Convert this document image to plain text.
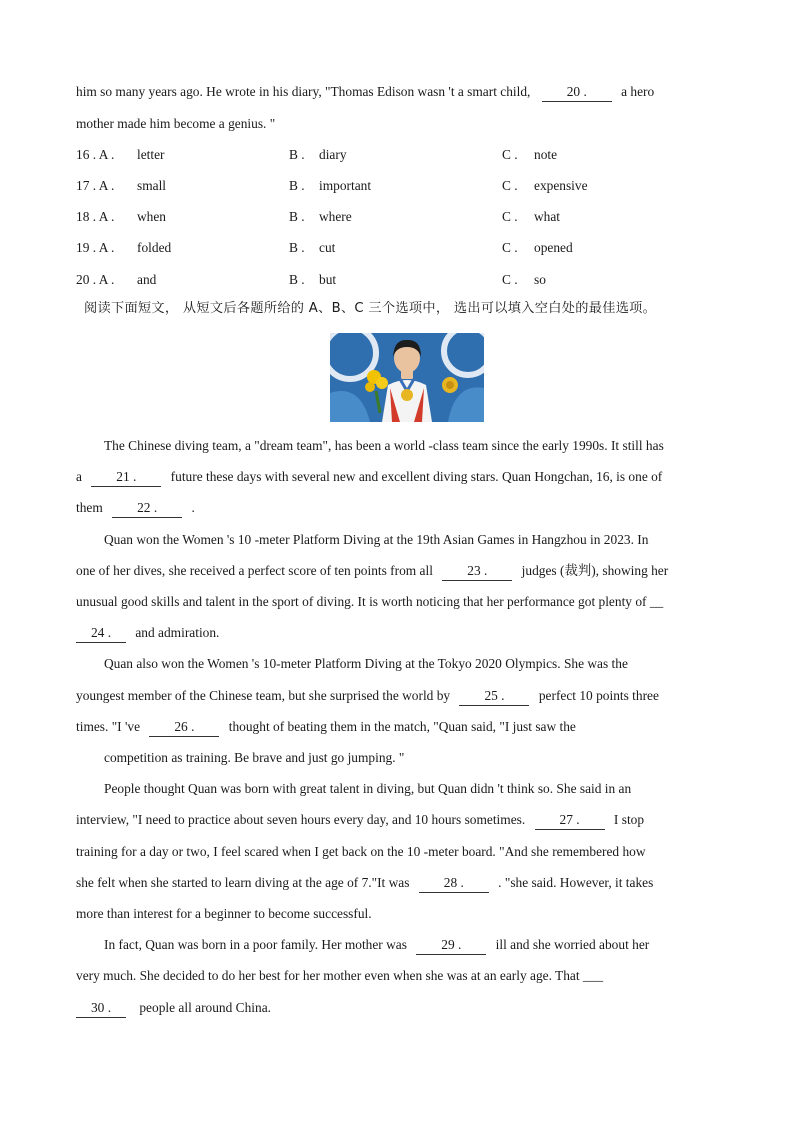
him so many years ago. He wrote in his diary, "Thomas Edison wasn 't a smart child,	20 .	a hero
mother made him become a genius. "
16 . A . letter	B . diary	C . note
17 . A . small	B . important	C . expensive
18 . A . when	B . where	C . what
19 . A . folded	B . cut	C . opened
20 . A . and	B . but	C . so
阅读下面短文， 从短文后各题所给的 A、B、C 三个选项中， 选出可以填入空白处的最佳选项。
The Chinese diving team, a "dream team", has been a world -class team since the early 1990s. It still has
a	21 .	future these days with several new and excellent diving stars. Quan Hongchan, 16, is one of
them	22 .	.
Quan won the Women 's 10 -meter Platform Diving at the 19th Asian Games in Hangzhou in 2023. In
one of her dives, she received a perfect score of ten points from all	23 .	judges (裁判), showing her
unusual good skills and talent in the sport of diving. It is worth noticing that her performance got plenty of __
24 . and admiration.
Quan also won the Women 's 10-meter Platform Diving at the Tokyo 2020 Olympics. She was the
youngest member of the Chinese team, but she surprised the world by	25 .	perfect 10 points three
times. "I 've	26 .	thought of beating them in the match, "Quan said, "I just saw the
competition as training. Be brave and just go jumping. "
People thought Quan was born with great talent in diving, but Quan didn 't think so. She said in an
interview, "I need to practice about seven hours every day, and 10 hours sometimes.	27 .	I stop
training for a day or two, I feel scared when I get back on the 10 -meter board. "And she remembered how
she felt when she started to learn diving at the age of 7."It was	28 .	. "she said. However, it takes
more than interest for a beginner to become successful.
In fact, Quan was born in a poor family. Her mother was	29 .	ill and she worried about her
very much. She decided to do her best for her mother even when she was at an early age. That ___
30 . people all around China.
